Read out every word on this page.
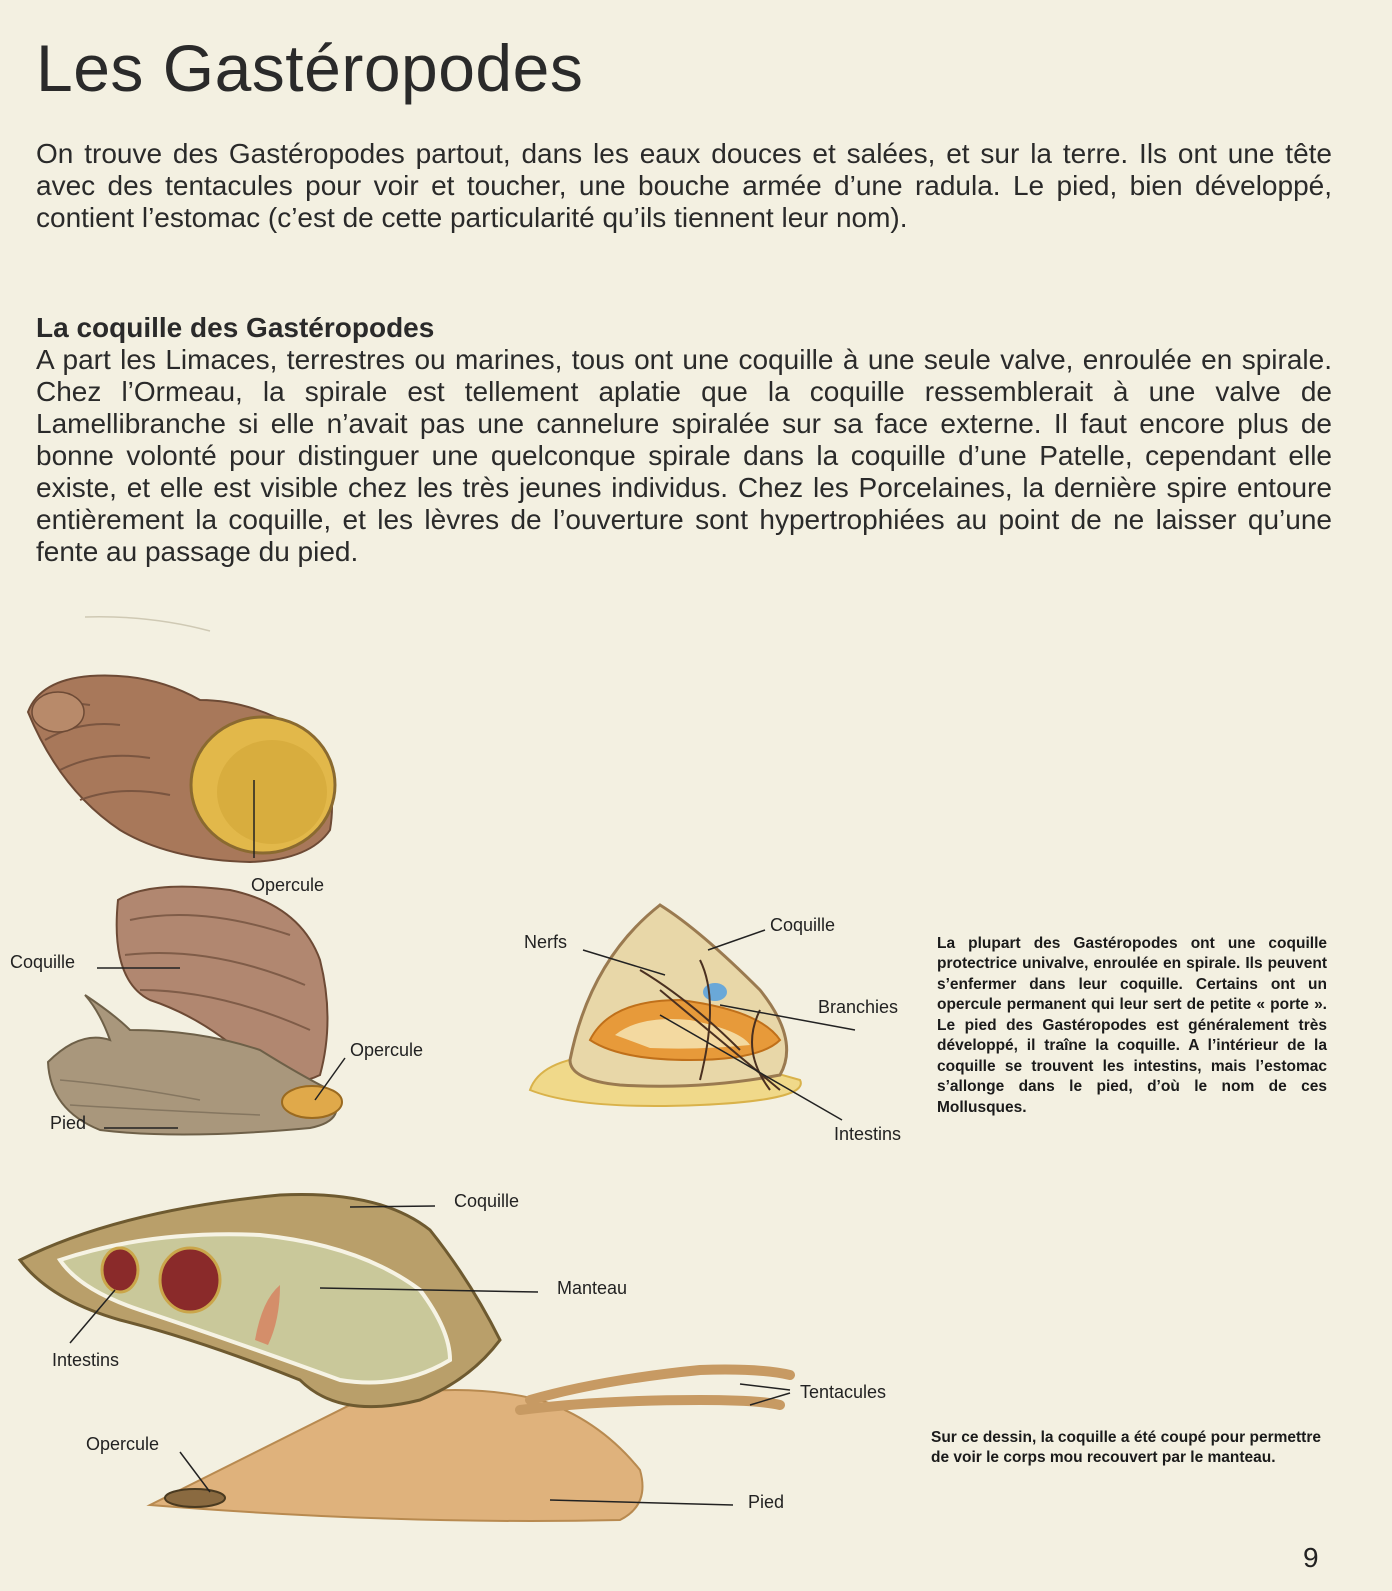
Les Gastéropodes

On trouve des Gastéropodes partout, dans les eaux douces et salées, et sur la terre. Ils ont une tête avec des tentacules pour voir et toucher, une bouche armée d’une radula. Le pied, bien développé, contient l’estomac (c’est de cette particularité qu’ils tiennent leur nom).

La coquille des Gastéropodes

A part les Limaces, terrestres ou marines, tous ont une coquille à une seule valve, enroulée en spirale. Chez l’Ormeau, la spirale est tellement aplatie que la coquille ressemblerait à une valve de Lamellibranche si elle n’avait pas une cannelure spiralée sur sa face externe. Il faut encore plus de bonne volonté pour distinguer une quelconque spirale dans la coquille d’une Patelle, cependant elle existe, et elle est visible chez les très jeunes individus. Chez les Porcelaines, la dernière spire entoure entièrement la coquille, et les lèvres de l’ouverture sont hypertrophiées au point de ne laisser qu’une fente au passage du pied.

Opercule
Coquille
Opercule
Pied
Nerfs
Coquille
Branchies
Intestins
Coquille
Manteau
Intestins
Tentacules
Opercule
Pied

La plupart des Gastéropodes ont une coquille protectrice univalve, enroulée en spirale. Ils peuvent s’enfermer dans leur coquille. Certains ont un opercule permanent qui leur sert de petite « porte ». Le pied des Gastéropodes est généralement très développé, il traîne la coquille. A l’intérieur de la coquille se trouvent les intestins, mais l’estomac s’allonge dans le pied, d’où le nom de ces Mollusques.

Sur ce dessin, la coquille a été coupé pour permettre de voir le corps mou recouvert par le manteau.

9
